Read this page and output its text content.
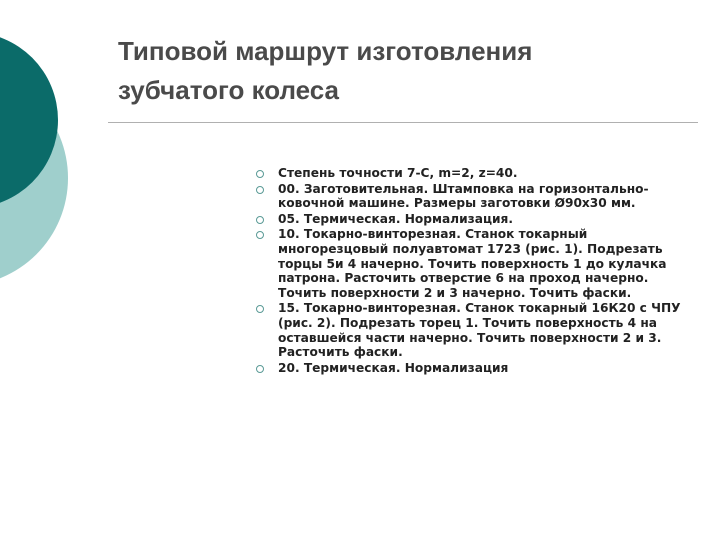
Типовой маршрут изготовления
зубчатого колеса
Степень точности 7-С, m=2, z=40.
00. Заготовительная. Штамповка на горизонтально-ковочной машине. Размеры заготовки Ø90х30 мм.
05. Термическая. Нормализация.
10. Токарно-винторезная. Станок токарный многорезцовый полуавтомат 1723 (рис. 1). Подрезать торцы 5и 4 начерно. Точить поверхность 1 до кулачка патрона. Расточить отверстие 6 на проход начерно. Точить поверхности 2 и 3 начерно. Точить фаски.
15. Токарно-винторезная. Станок токарный 16К20 с ЧПУ (рис. 2). Подрезать торец 1. Точить поверхность 4 на оставшейся части начерно. Точить поверхности 2 и 3. Расточить фаски.
20. Термическая. Нормализация
